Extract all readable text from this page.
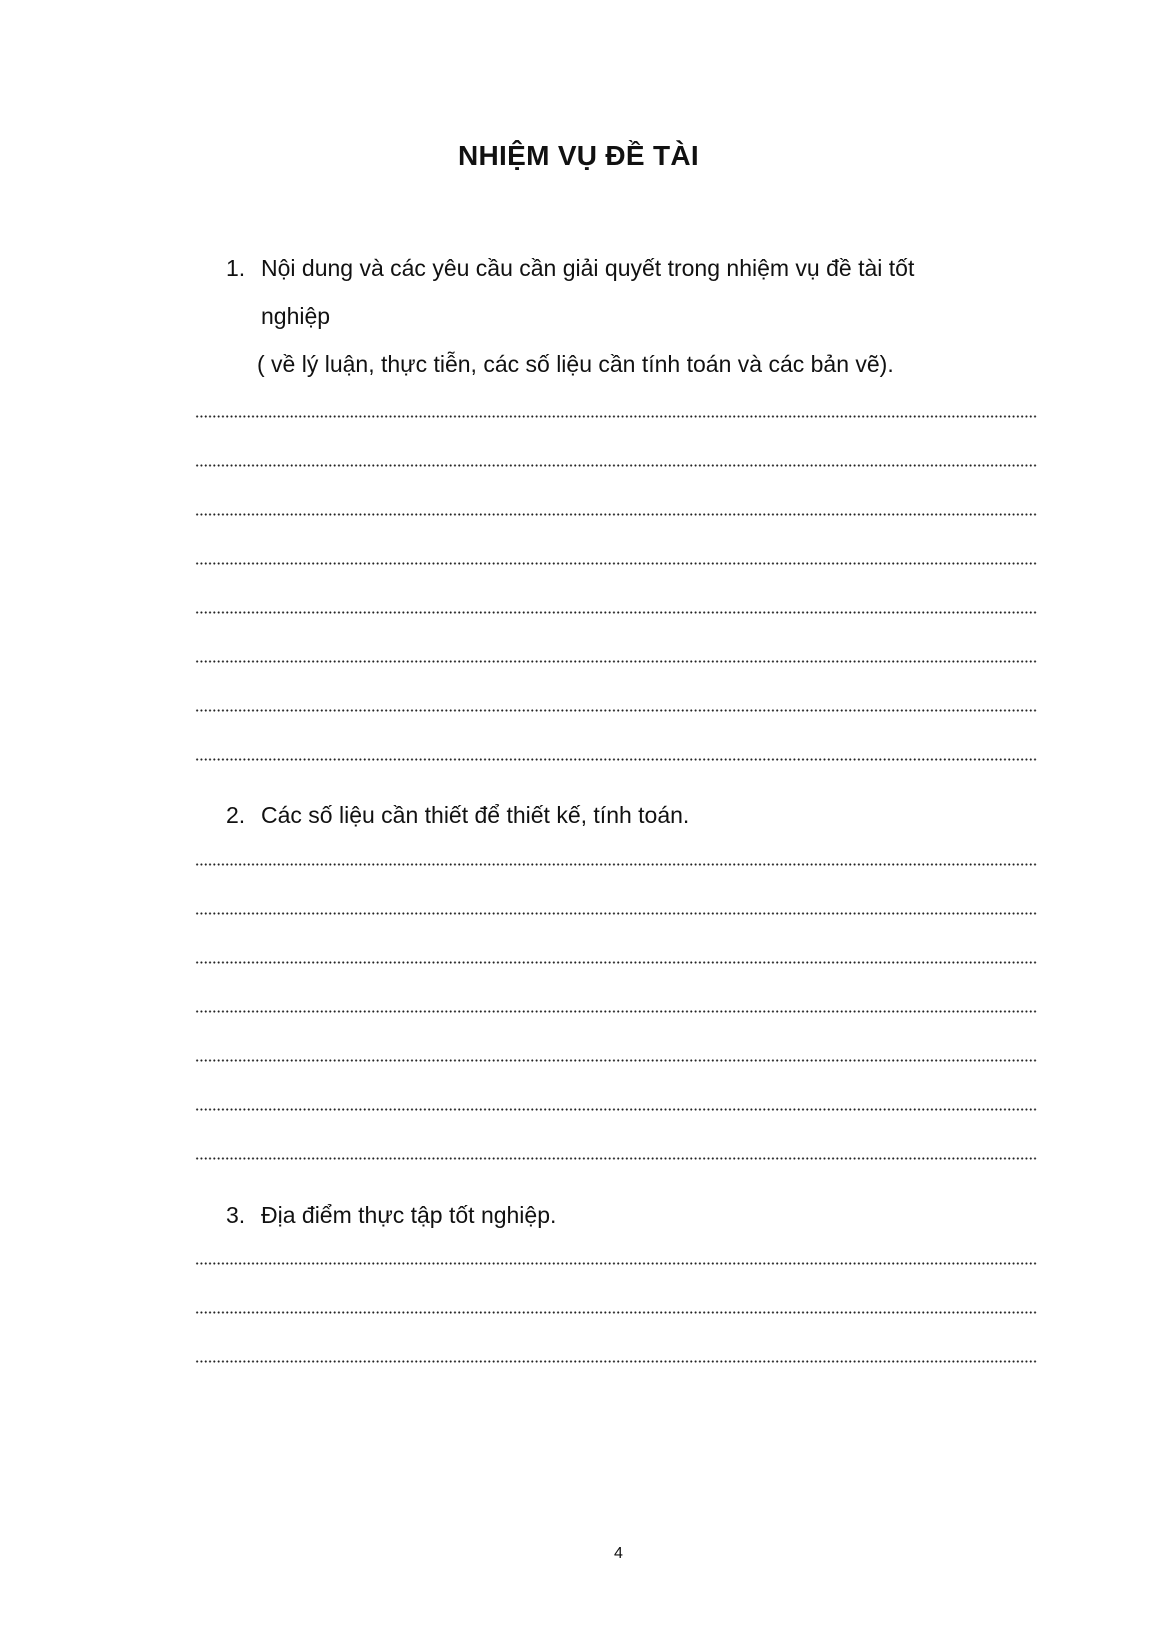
NHIỆM VỤ ĐỀ TÀI
1. Nội dung và các yêu cầu cần giải quyết trong nhiệm vụ đề tài tốt
nghiệp
( về lý luận, thực tiễn, các số liệu cần tính toán và các bản vẽ).
2. Các số liệu cần thiết để thiết kế, tính toán.
3. Địa điểm thực tập tốt nghiệp.
4
